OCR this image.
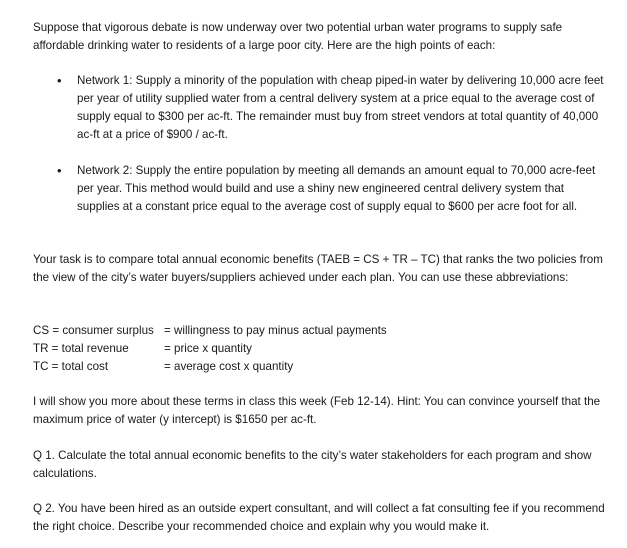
Suppose that vigorous debate is now underway over two potential urban water programs to supply safe affordable drinking water to residents of a large poor city. Here are the high points of each:

• Network 1: Supply a minority of the population with cheap piped-in water by delivering 10,000 acre feet per year of utility supplied water from a central delivery system at a price equal to the average cost of supply equal to $300 per ac-ft. The remainder must buy from street vendors at total quantity of 40,000 ac-ft at a price of $900 / ac-ft.

• Network 2: Supply the entire population by meeting all demands an amount equal to 70,000 acre-feet per year. This method would build and use a shiny new engineered central delivery system that supplies at a constant price equal to the average cost of supply equal to $600 per acre foot for all.

Your task is to compare total annual economic benefits (TAEB = CS + TR – TC) that ranks the two policies from the view of the city’s water buyers/suppliers achieved under each plan. You can use these abbreviations:

CS = consumer surplus = willingness to pay minus actual payments
TR = total revenue	= price x quantity
TC = total cost	= average cost x quantity

I will show you more about these terms in class this week (Feb 12-14). Hint: You can convince yourself that the maximum price of water (y intercept) is $1650 per ac-ft.

Q 1. Calculate the total annual economic benefits to the city’s water stakeholders for each program and show calculations.

Q 2. You have been hired as an outside expert consultant, and will collect a fat consulting fee if you recommend the right choice. Describe your recommended choice and explain why you would make it.
